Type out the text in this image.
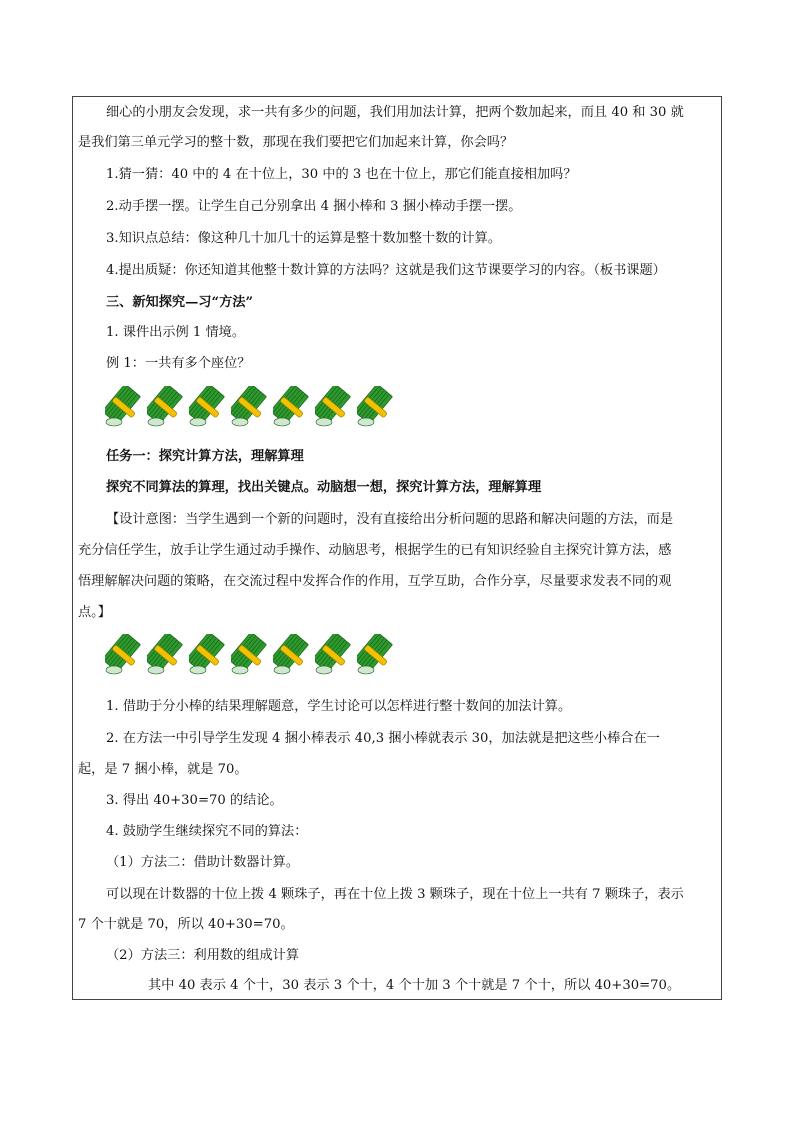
细心的小朋友会发现，求一共有多少的问题，我们用加法计算，把两个数加起来，而且 40 和 30 就
是我们第三单元学习的整十数，那现在我们要把它们加起来计算，你会吗？
1.猜一猜：40 中的 4 在十位上，30 中的 3 也在十位上，那它们能直接相加吗？
2.动手摆一摆。让学生自己分别拿出 4 捆小棒和 3 捆小棒动手摆一摆。
3.知识点总结：像这种几十加几十的运算是整十数加整十数的计算。
4.提出质疑：你还知道其他整十数计算的方法吗？这就是我们这节课要学习的内容。（板书课题）
三、新知探究—习“方法”
1. 课件出示例 1 情境。
例 1：一共有多个座位？
任务一：探究计算方法，理解算理
探究不同算法的算理，找出关键点。动脑想一想，探究计算方法，理解算理
【设计意图：当学生遇到一个新的问题时，没有直接给出分析问题的思路和解决问题的方法，而是
充分信任学生，放手让学生通过动手操作、动脑思考，根据学生的已有知识经验自主探究计算方法，感
悟理解解决问题的策略，在交流过程中发挥合作的作用，互学互助，合作分享，尽量要求发表不同的观
点。】
1. 借助于分小棒的结果理解题意，学生讨论可以怎样进行整十数间的加法计算。
2. 在方法一中引导学生发现 4 捆小棒表示 40,3 捆小棒就表示 30，加法就是把这些小棒合在一
起，是 7 捆小棒，就是 70。
3. 得出 40+30=70 的结论。
4. 鼓励学生继续探究不同的算法：
（1）方法二：借助计数器计算。
可以现在计数器的十位上拨 4 颗珠子，再在十位上拨 3 颗珠子，现在十位上一共有 7 颗珠子，表示
7 个十就是 70，所以 40+30=70。
（2）方法三：利用数的组成计算
其中 40 表示 4 个十，30 表示 3 个十，4 个十加 3 个十就是 7 个十，所以 40+30=70。
